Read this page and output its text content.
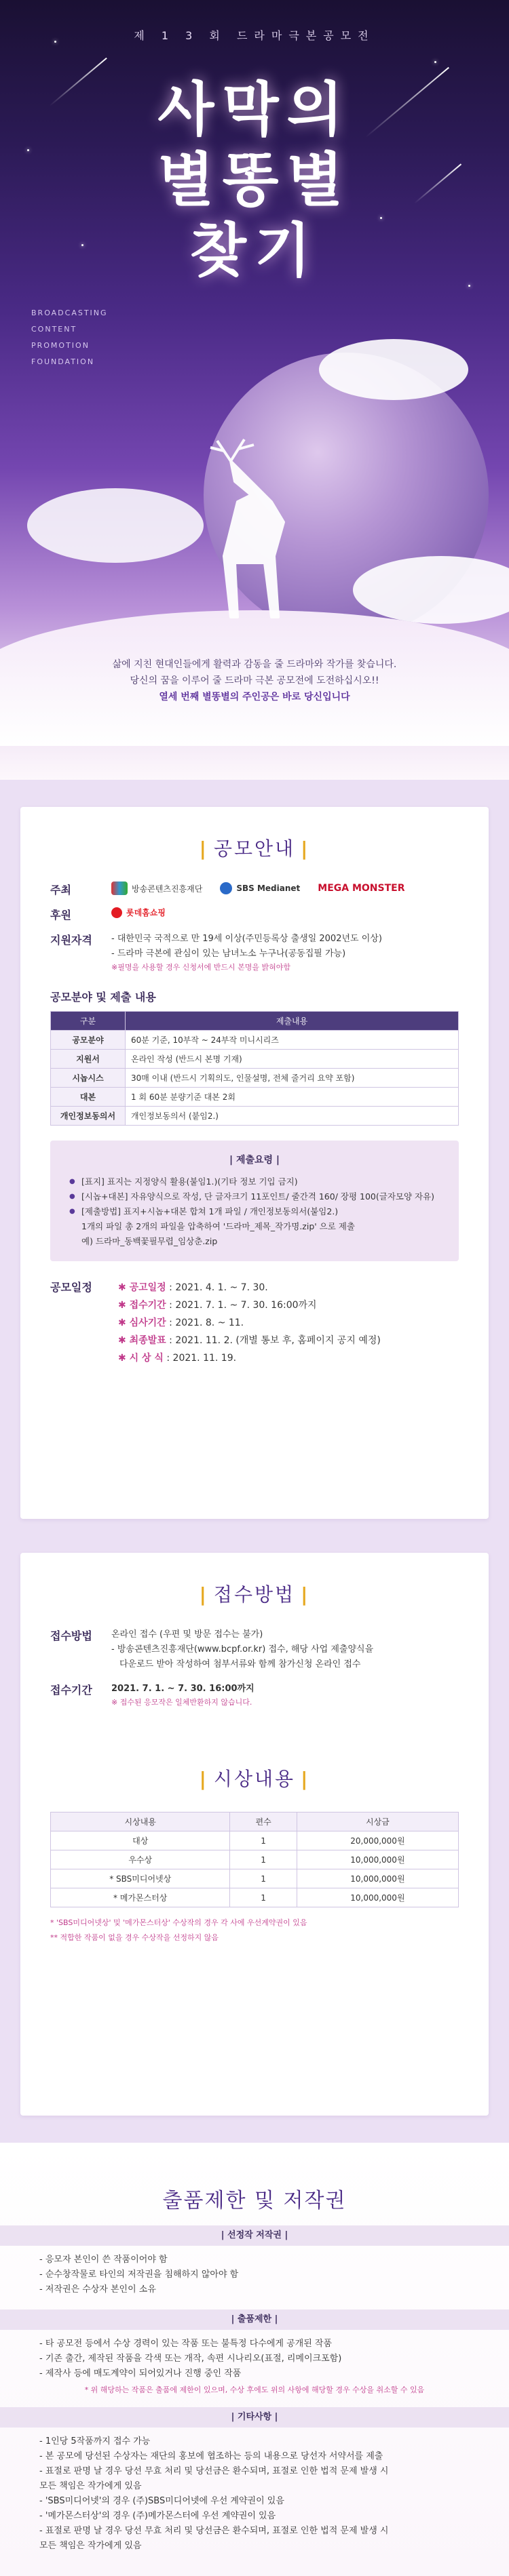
제 1 3 회 드라마극본공모전
사막의
별똥별
찾기
BROADCASTING
CONTENT
PROMOTION
FOUNDATION
삶에 지친 현대인들에게 활력과 감동을 줄 드라마와 작가를 찾습니다.
당신의 꿈을 이루어 줄 드라마 극본 공모전에 도전하십시오!!
열세 번째 별똥별의 주인공은 바로 당신입니다
| 공모안내 |
주최	방송콘텐츠진흥재단	SBS Medianet MEGA MONSTER
후원	롯데홈쇼핑
지원자격	- 대한민국 국적으로 만 19세 이상(주민등록상 출생일 2002년도 이상)
- 드라마 극본에 관심이 있는 남녀노소 누구나(공동집필 가능)
※필명을 사용할 경우 신청서에 반드시 본명을 밝혀야함
공모분야 및 제출 내용
구분	제출내용
공모분야	60분 기준, 10부작 ~ 24부작 미니시리즈
지원서	온라인 작성 (반드시 본명 기재)
시놉시스	30매 이내 (반드시 기획의도, 인물설명, 전체 줄거리 요약 포함)
대본	1 회 60분 분량기준 대본 2회
개인정보동의서	개인정보동의서 (붙임2.)
| 제출요령 |
● [표지] 표지는 지정양식 활용(붙임1.)(기타 정보 기입 금지)
● [시놉+대본] 자유양식으로 작성, 단 글자크기 11포인트/ 줄간격 160/ 장평 100(글자모양 자유)
● [제출방법] 표지+시놉+대본 합쳐 1개 파일 / 개인정보동의서(붙임2.)
1개의 파일 총 2개의 파일을 압축하여 '드라마_제목_작가명.zip' 으로 제출
예) 드라마_동백꽃필무렵_임상춘.zip
공모일정	✱ 공고일정 : 2021. 4. 1. ~ 7. 30.
✱ 접수기간 : 2021. 7. 1. ~ 7. 30. 16:00까지
✱ 심사기간 : 2021. 8. ~ 11.
✱ 최종발표 : 2021. 11. 2. (개별 통보 후, 홈페이지 공지 예정)
✱ 시 상 식 : 2021. 11. 19.
| 접수방법 |
접수방법	온라인 접수 (우편 및 방문 접수는 불가)
- 방송콘텐츠진흥재단(www.bcpf.or.kr) 접수, 해당 사업 제출양식을
다운로드 받아 작성하여 첨부서류와 함께 참가신청 온라인 접수
접수기간	2021. 7. 1. ~ 7. 30. 16:00까지
※ 접수된 응모작은 일체반환하지 않습니다.
| 시상내용 |
시상내용	편수	시상금
대상	1	20,000,000원
우수상	1	10,000,000원
* SBS미디어넷상	1	10,000,000원
* 메가몬스터상	1	10,000,000원
* 'SBS미디어넷상' 및 '메가몬스터상' 수상작의 경우 각 사에 우선계약권이 있음
** 적합한 작품이 없을 경우 수상작을 선정하지 않음
출품제한 및 저작권
| 선정작 저작권 |
- 응모자 본인이 쓴 작품이어야 함
- 순수창작물로 타인의 저작권을 침해하지 않아야 함
- 저작권은 수상자 본인이 소유
| 출품제한 |
- 타 공모전 등에서 수상 경력이 있는 작품 또는 불특정 다수에게 공개된 작품
- 기존 출간, 제작된 작품을 각색 또는 개작, 속편 시나리오(표절, 리메이크포함)
- 제작사 등에 매도계약이 되어있거나 진행 중인 작품
* 위 해당하는 작품은 출품에 제한이 있으며, 수상 후에도 위의 사항에 해당할 경우 수상을 취소할 수 있음
| 기타사항 |
- 1인당 5작품까지 접수 가능
- 본 공모에 당선된 수상자는 재단의 홍보에 협조하는 등의 내용으로 당선자 서약서를 제출
- 표절로 판명 날 경우 당선 무효 처리 및 당선금은 환수되며, 표절로 인한 법적 문제 발생 시
모든 책임은 작가에게 있음
- 'SBS미디어넷'의 경우 (주)SBS미디어넷에 우선 계약권이 있음
- '메가몬스터상'의 경우 (주)메가몬스터에 우선 계약권이 있음
- 표절로 판명 날 경우 당선 무효 처리 및 당선금은 환수되며, 표절로 인한 법적 문제 발생 시
모든 책임은 작가에게 있음
